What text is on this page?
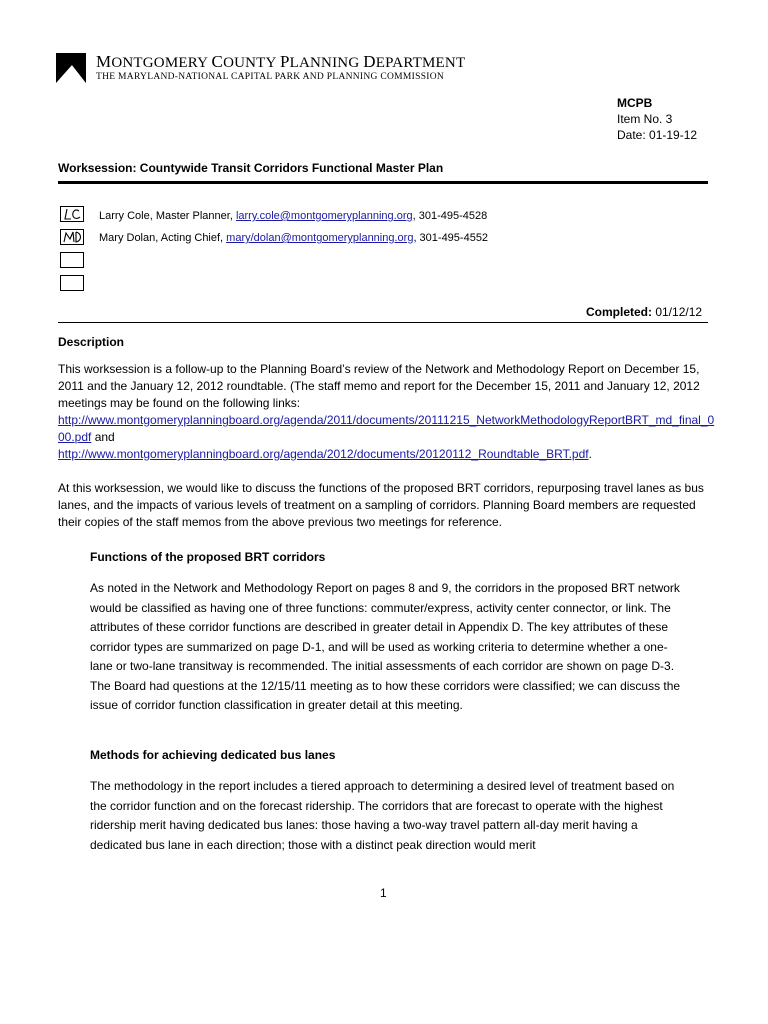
MONTGOMERY COUNTY PLANNING DEPARTMENT
THE MARYLAND-NATIONAL CAPITAL PARK AND PLANNING COMMISSION
MCPB
Item No. 3
Date: 01-19-12
Worksession: Countywide Transit Corridors Functional Master Plan
Larry Cole, Master Planner, larry.cole@montgomeryplanning.org, 301-495-4528
Mary Dolan, Acting Chief, mary/dolan@montgomeryplanning.org, 301-495-4552
Completed: 01/12/12
Description
This worksession is a follow-up to the Planning Board’s review of the Network and Methodology Report on December 15, 2011 and the January 12, 2012 roundtable. (The staff memo and report for the December 15, 2011 and January 12, 2012 meetings may be found on the following links:
http://www.montgomeryplanningboard.org/agenda/2011/documents/20111215_NetworkMethodologyReportBRT_md_final_000.pdf and
http://www.montgomeryplanningboard.org/agenda/2012/documents/20120112_Roundtable_BRT.pdf.
At this worksession, we would like to discuss the functions of the proposed BRT corridors, repurposing travel lanes as bus lanes, and the impacts of various levels of treatment on a sampling of corridors. Planning Board members are requested their copies of the staff memos from the above previous two meetings for reference.
Functions of the proposed BRT corridors
As noted in the Network and Methodology Report on pages 8 and 9, the corridors in the proposed BRT network would be classified as having one of three functions: commuter/express, activity center connector, or link. The attributes of these corridor functions are described in greater detail in Appendix D. The key attributes of these corridor types are summarized on page D-1, and will be used as working criteria to determine whether a one-lane or two-lane transitway is recommended. The initial assessments of each corridor are shown on page D-3. The Board had questions at the 12/15/11 meeting as to how these corridors were classified; we can discuss the issue of corridor function classification in greater detail at this meeting.
Methods for achieving dedicated bus lanes
The methodology in the report includes a tiered approach to determining a desired level of treatment based on the corridor function and on the forecast ridership. The corridors that are forecast to operate with the highest ridership merit having dedicated bus lanes: those having a two-way travel pattern all-day merit having a dedicated bus lane in each direction; those with a distinct peak direction would merit
1
